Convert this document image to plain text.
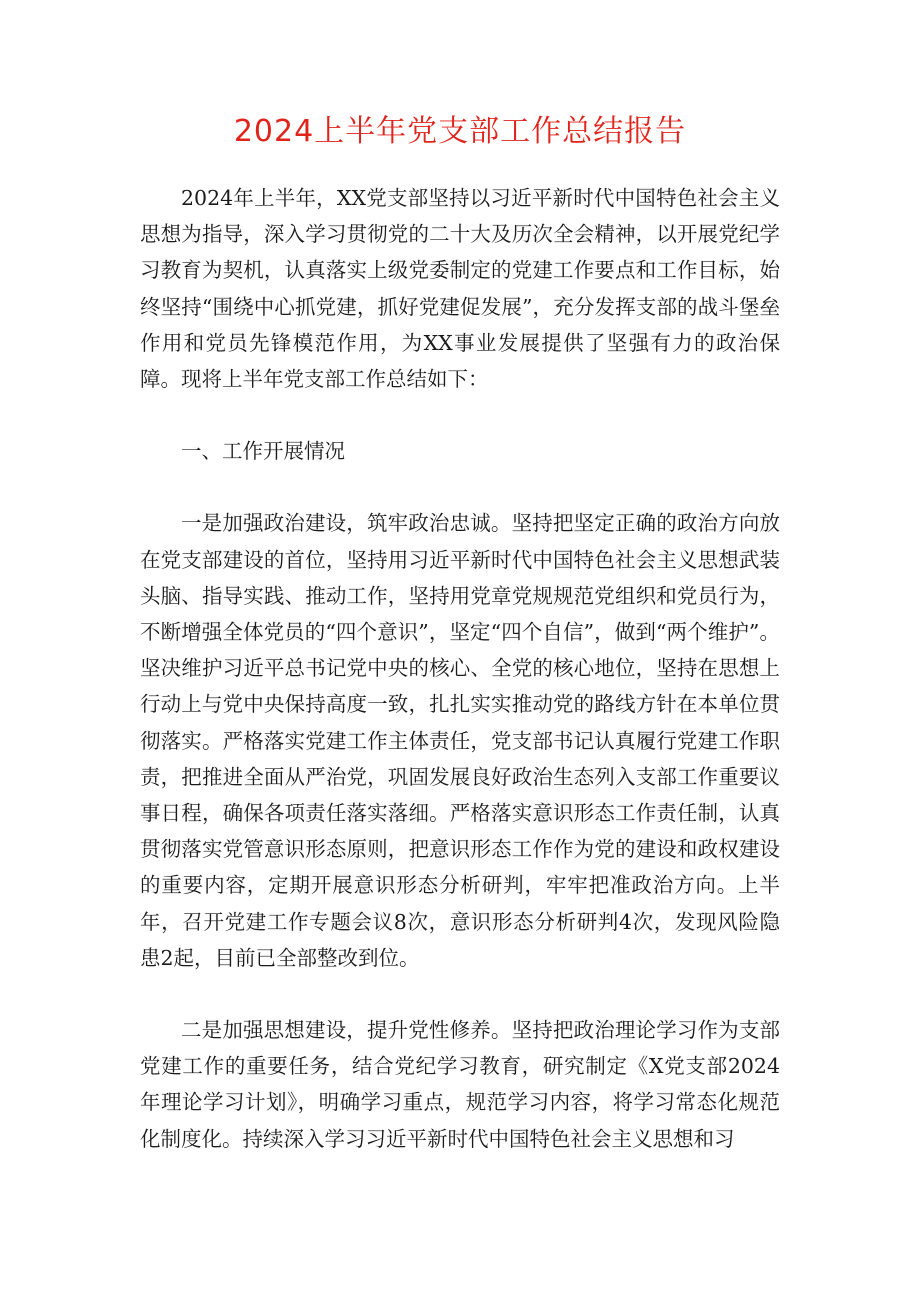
2024上半年党支部工作总结报告

2024年上半年，XX党支部坚持以习近平新时代中国特色社会主义思想为指导，深入学习贯彻党的二十大及历次全会精神，以开展党纪学习教育为契机，认真落实上级党委制定的党建工作要点和工作目标，始终坚持“围绕中心抓党建，抓好党建促发展”，充分发挥支部的战斗堡垒作用和党员先锋模范作用，为XX事业发展提供了坚强有力的政治保障。现将上半年党支部工作总结如下：

一、工作开展情况

一是加强政治建设，筑牢政治忠诚。坚持把坚定正确的政治方向放在党支部建设的首位，坚持用习近平新时代中国特色社会主义思想武装头脑、指导实践、推动工作，坚持用党章党规规范党组织和党员行为，不断增强全体党员的“四个意识”，坚定“四个自信”，做到“两个维护”。坚决维护习近平总书记党中央的核心、全党的核心地位，坚持在思想上行动上与党中央保持高度一致，扎扎实实推动党的路线方针在本单位贯彻落实。严格落实党建工作主体责任，党支部书记认真履行党建工作职责，把推进全面从严治党，巩固发展良好政治生态列入支部工作重要议事日程，确保各项责任落实落细。严格落实意识形态工作责任制，认真贯彻落实党管意识形态原则，把意识形态工作作为党的建设和政权建设的重要内容，定期开展意识形态分析研判，牢牢把准政治方向。上半年，召开党建工作专题会议8次，意识形态分析研判4次，发现风险隐患2起，目前已全部整改到位。

二是加强思想建设，提升党性修养。坚持把政治理论学习作为支部党建工作的重要任务，结合党纪学习教育，研究制定《X党支部2024年理论学习计划》，明确学习重点，规范学习内容，将学习常态化规范化制度化。持续深入学习习近平新时代中国特色社会主义思想和习
